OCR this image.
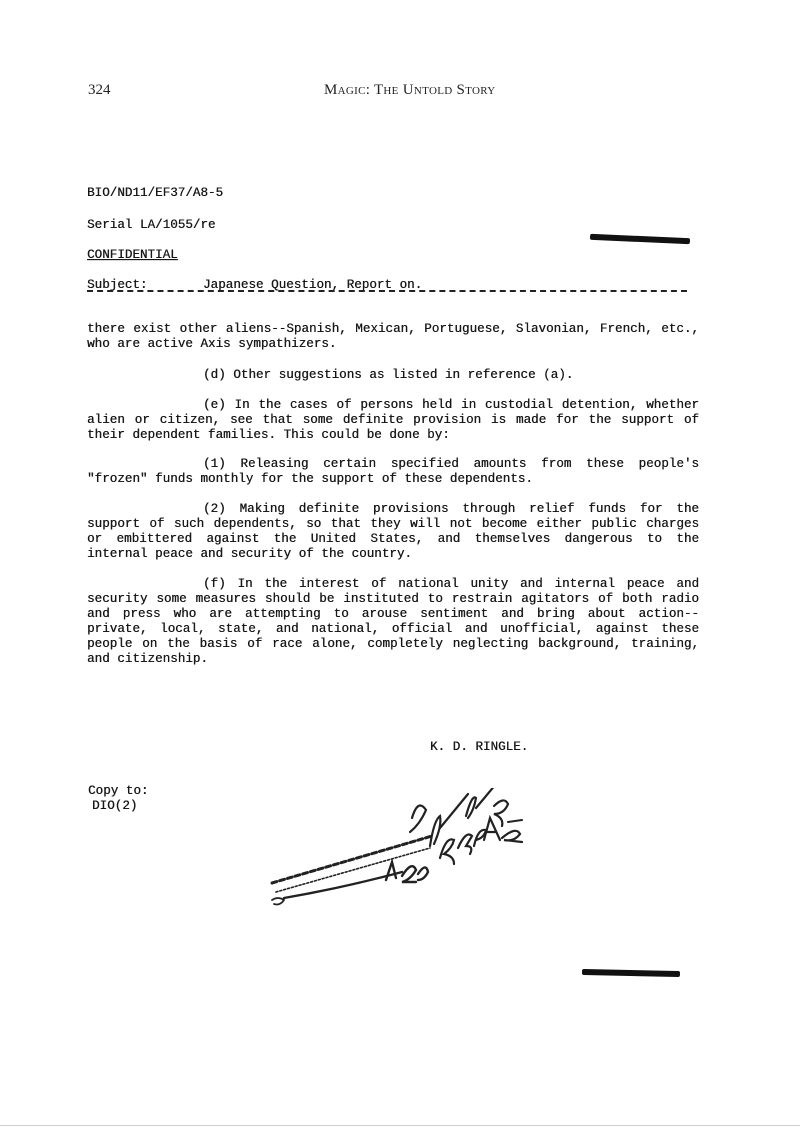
324	Magic: The Untold Story
BIO/ND11/EF37/A8-5
Serial LA/1055/re
CONFIDENTIAL
Subject:	Japanese Question, Report on.
there exist other aliens--Spanish, Mexican, Portuguese, Slavonian, French, etc., who are active Axis sympathizers.
(d) Other suggestions as listed in reference (a).
(e) In the cases of persons held in custodial detention, whether alien or citizen, see that some definite provision is made for the support of their dependent families. This could be done by:
(1) Releasing certain specified amounts from these people's "frozen" funds monthly for the support of these dependents.
(2) Making definite provisions through relief funds for the support of such dependents, so that they will not become either public charges or embittered against the United States, and themselves dangerous to the internal peace and security of the country.
(f) In the interest of national unity and internal peace and security some measures should be instituted to restrain agitators of both radio and press who are attempting to arouse sentiment and bring about action--private, local, state, and national, official and unofficial, against these people on the basis of race alone, completely neglecting background, training, and citizenship.
K. D. RINGLE.
Copy to:
DIO(2)
